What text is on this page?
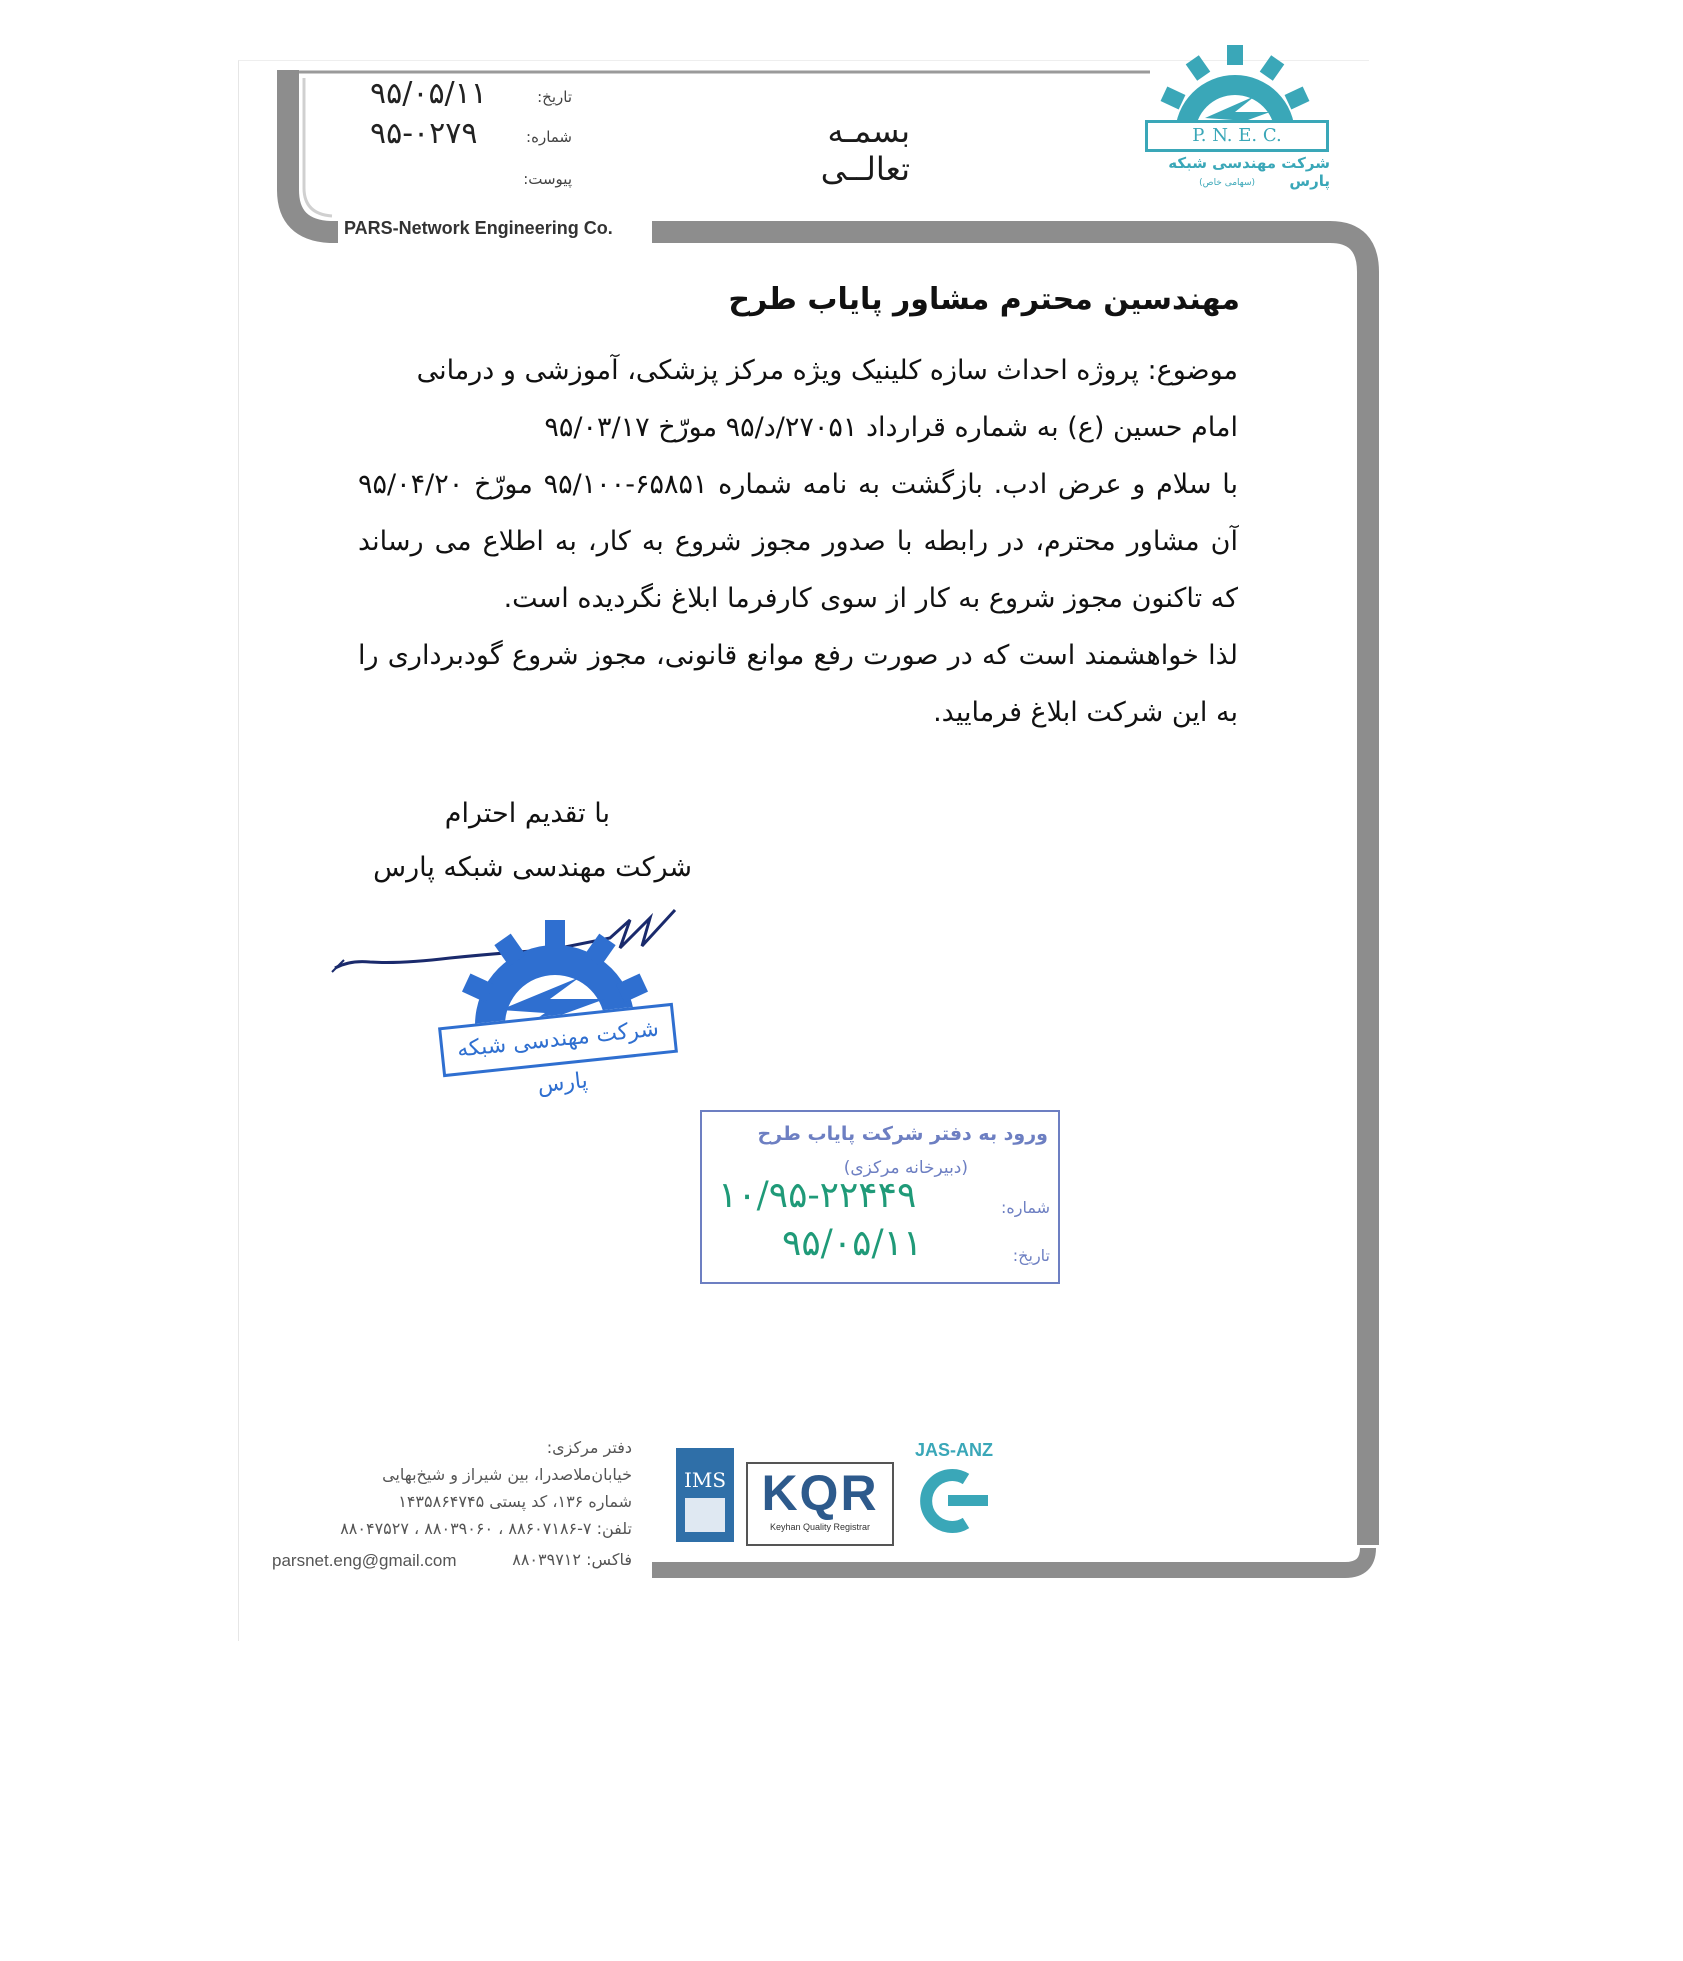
تاریخ:
۹۵/۰۵/۱۱
شماره:
۹۵-۰۲۷۹
پیوست:
بسمـه تعالــی
PARS-Network Engineering Co.
P. N. E. C.
شرکت مهندسی شبکه پارس
(سهامی خاص)
مهندسین محترم مشاور پایاب طرح
موضوع: پروژه احداث سازه کلینیک ویژه مرکز پزشکی، آموزشی و درمانی
امام حسین (ع) به شماره قرارداد ۲۷۰۵۱/د/۹۵ مورّخ ۹۵/۰۳/۱۷
با سلام و عرض ادب. بازگشت به نامه شماره ۶۵۸۵۱-۹۵/۱۰۰ مورّخ ۹۵/۰۴/۲۰ آن مشاور محترم، در رابطه با صدور مجوز شروع به کار، به اطلاع می رساند که تاکنون مجوز شروع به کار از سوی کارفرما ابلاغ نگردیده است.
لذا خواهشمند است که در صورت رفع موانع قانونی، مجوز شروع گودبرداری را به این شرکت ابلاغ فرمایید.
با تقدیم احترام
شرکت مهندسی شبکه پارس
شرکت مهندسی شبکه پارس
ورود به دفتر شرکت پایاب طرح
(دبیرخانه مرکزی)
شماره:
۱۰/۹۵-۲۲۴۴۹
تاریخ:
۹۵/۰۵/۱۱
دفتر مرکزی:
خیابان‌ملاصدرا، بین شیراز و شیخ‌بهایی
شماره ۱۳۶، کد پستی ۱۴۳۵۸۶۴۷۴۵
تلفن: ۷-۸۸۶۰۷۱۸۶ ، ۸۸۰۳۹۰۶۰ ، ۸۸۰۴۷۵۲۷
فاکس: ۸۸۰۳۹۷۱۲
parsnet.eng@gmail.com
IMS KQR
Keyhan Quality Registrar
JAS-ANZ
